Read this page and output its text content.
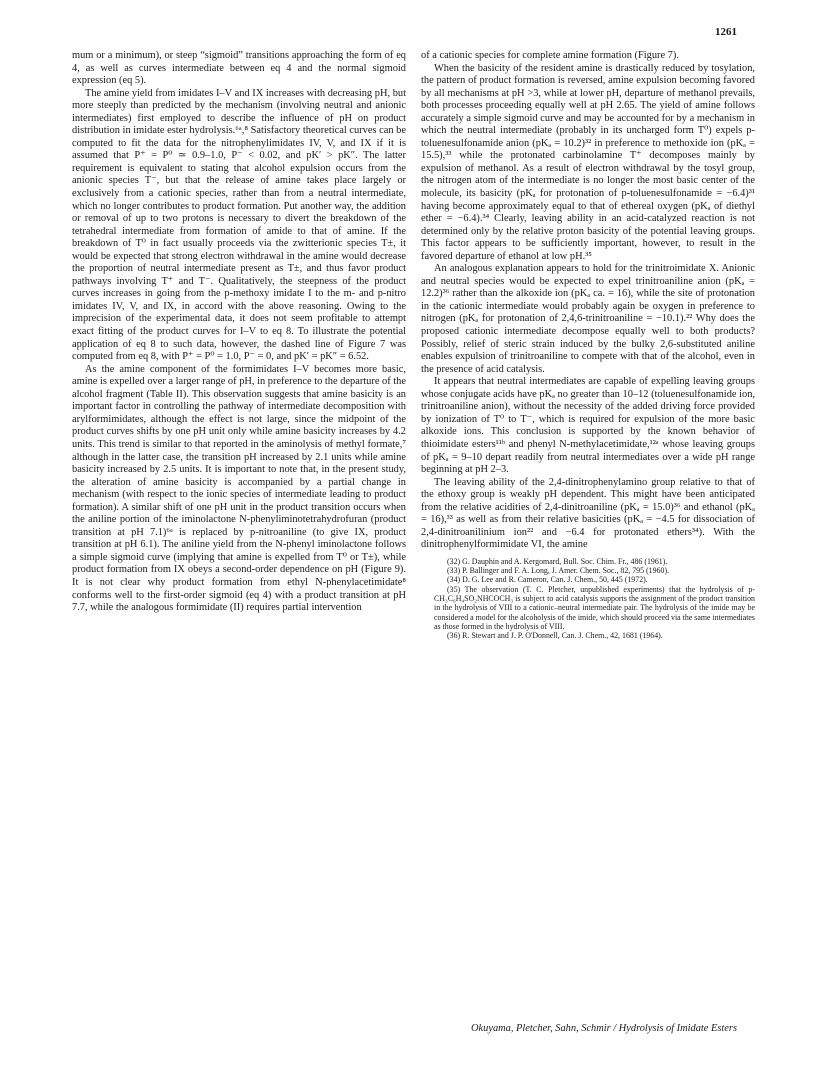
1261

mum or a minimum), or steep “sigmoid” transitions approaching the form of eq 4, as well as curves intermediate between eq 4 and the normal sigmoid expression (eq 5).

The amine yield from imidates I–V and IX increases with decreasing pH, but more steeply than predicted by the mechanism (involving neutral and anionic intermediates) first employed to describe the influence of pH on product distribution in imidate ester hydrolysis.⁶ᵃ,⁸ Satisfactory theoretical curves can be computed to fit the data for the nitrophenylimidates IV, V, and IX if it is assumed that P⁺ = P⁰ ≃ 0.9–1.0, P⁻ < 0.02, and pK′ > pK″. The latter requirement is equivalent to stating that alcohol expulsion occurs from the anionic species T⁻, but that the release of amine takes place largely or exclusively from a cationic species, rather than from a neutral intermediate, which no longer contributes to product formation. Put another way, the addition or removal of up to two protons is necessary to divert the breakdown of the tetrahedral intermediate from formation of amide to that of amine. If the breakdown of T⁰ in fact usually proceeds via the zwitterionic species T±, it would be expected that strong electron withdrawal in the amine would decrease the proportion of neutral intermediate present as T±, and thus favor product pathways involving T⁺ and T⁻. Qualitatively, the steepness of the product curves increases in going from the p-methoxy imidate I to the m- and p-nitro imidates IV, V, and IX, in accord with the above reasoning. Owing to the imprecision of the experimental data, it does not seem profitable to attempt exact fitting of the product curves for I–V to eq 8. To illustrate the potential application of eq 8 to such data, however, the dashed line of Figure 7 was computed from eq 8, with P⁺ = P⁰ = 1.0, P⁻ = 0, and pK′ = pK″ = 6.52.

As the amine component of the formimidates I–V becomes more basic, amine is expelled over a larger range of pH, in preference to the departure of the alcohol fragment (Table II). This observation suggests that amine basicity is an important factor in controlling the pathway of intermediate decomposition with arylformimidates, although the effect is not large, since the midpoint of the product curves shifts by one pH unit only while amine basicity increases by 4.2 units. This trend is similar to that reported in the aminolysis of methyl formate,⁷ although in the latter case, the transition pH increased by 2.1 units while amine basicity increased by 2.5 units. It is important to note that, in the present study, the alteration of amine basicity is accompanied by a partial change in mechanism (with respect to the ionic species of intermediate leading to product formation). A similar shift of one pH unit in the product transition occurs when the aniline portion of the iminolactone N-phenyliminotetrahydrofuran (product transition at pH 7.1)⁶ᵃ is replaced by p-nitroaniline (to give IX, product transition at pH 6.1). The aniline yield from the N-phenyl iminolactone follows a simple sigmoid curve (implying that amine is expelled from T⁰ or T±), while product formation from IX obeys a second-order dependence on pH (Figure 9). It is not clear why product formation from ethyl N-phenylacetimidate⁸ conforms well to the first-order sigmoid (eq 4) with a product transition at pH 7.7, while the analogous formimidate (II) requires partial intervention

of a cationic species for complete amine formation (Figure 7).

When the basicity of the resident amine is drastically reduced by tosylation, the pattern of product formation is reversed, amine expulsion becoming favored by all mechanisms at pH >3, while at lower pH, departure of methanol prevails, both processes proceeding equally well at pH 2.65. The yield of amine follows accurately a simple sigmoid curve and may be accounted for by a mechanism in which the neutral intermediate (probably in its uncharged form T⁰) expels p-toluenesulfonamide anion (pKₐ = 10.2)³² in preference to methoxide ion (pKₐ = 15.5),³³ while the protonated carbinolamine T⁺ decomposes mainly by expulsion of methanol. As a result of electron withdrawal by the tosyl group, the nitrogen atom of the intermediate is no longer the most basic center of the molecule, its basicity (pKₐ for protonation of p-toluenesulfonamide = −6.4)³¹ having become approximately equal to that of ethereal oxygen (pKₐ of diethyl ether = −6.4).³⁴ Clearly, leaving ability in an acid-catalyzed reaction is not determined only by the relative proton basicity of the potential leaving groups. This factor appears to be sufficiently important, however, to result in the favored departure of ethanol at low pH.³⁵

An analogous explanation appears to hold for the trinitroimidate X. Anionic and neutral species would be expected to expel trinitroaniline anion (pKₐ = 12.2)³⁶ rather than the alkoxide ion (pKₐ ca. = 16), while the site of protonation in the cationic intermediate would probably again be oxygen in preference to nitrogen (pKₐ for protonation of 2,4,6-trinitroaniline = −10.1).²² Why does the proposed cationic intermediate decompose equally well to both products? Possibly, relief of steric strain induced by the bulky 2,6-substituted aniline enables expulsion of trinitroaniline to compete with that of the alcohol, even in the presence of acid catalysis.

It appears that neutral intermediates are capable of expelling leaving groups whose conjugate acids have pKₐ no greater than 10–12 (toluenesulfonamide ion, trinitroaniline anion), without the necessity of the added driving force provided by ionization of T⁰ to T⁻, which is required for expulsion of the more basic alkoxide ions. This conclusion is supported by the known behavior of thioimidate esters¹¹ᵇ and phenyl N-methylacetimidate,¹²ᵃ whose leaving groups of pKₐ = 9–10 depart readily from neutral intermediates over a wide pH range beginning at pH 2–3.

The leaving ability of the 2,4-dinitrophenylamino group relative to that of the ethoxy group is weakly pH dependent. This might have been anticipated from the relative acidities of 2,4-dinitroaniline (pKₐ = 15.0)³⁶ and ethanol (pKₐ = 16),³³ as well as from their relative basicities (pKₐ = −4.5 for dissociation of 2,4-dinitroanilinium ion²² and −6.4 for protonated ethers³⁴). With the dinitrophenylformimidate VI, the amine

(32) G. Dauphin and A. Kergomard, Bull. Soc. Chim. Fr., 486 (1961).

(33) P. Ballinger and F. A. Long, J. Amer. Chem. Soc., 82, 795 (1960).

(34) D. G. Lee and R. Cameron, Can. J. Chem., 50, 445 (1972).

(35) The observation (T. C. Pletcher, unpublished experiments) that the hydrolysis of p-CH₃C₆H₄SO₂NHCOCH₃ is subject to acid catalysis supports the assignment of the product transition in the hydrolysis of VIII to a cationic–neutral intermediate pair. The hydrolysis of the imide may be considered a model for the alcoholysis of the imide, which should proceed via the same intermediates as those formed in the hydrolysis of VIII.

(36) R. Stewart and J. P. O'Donnell, Can. J. Chem., 42, 1681 (1964).

Okuyama, Pletcher, Sahn, Schmir / Hydrolysis of Imidate Esters
